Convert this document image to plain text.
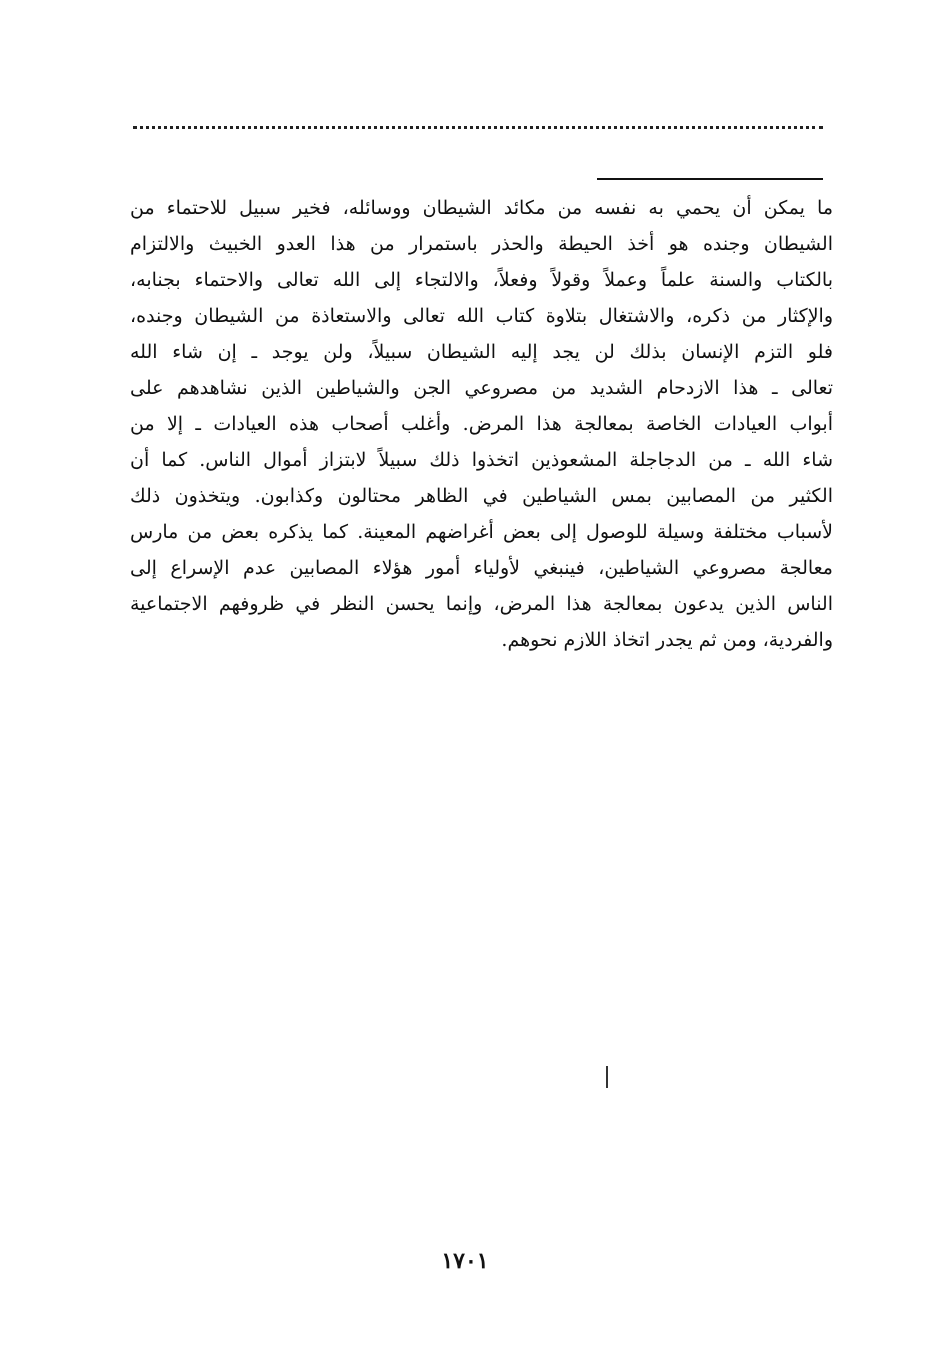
ما يمكن أن يحمي به نفسه من مكائد الشيطان ووسائله، فخير سبيل للاحتماء من
الشيطان وجنده هو أخذ الحيطة والحذر باستمرار من هذا العدو الخبيث والالتزام
بالكتاب والسنة علماً وعملاً وقولاً وفعلاً، والالتجاء إلى الله تعالى والاحتماء بجنابه،
والإكثار من ذكره، والاشتغال بتلاوة كتاب الله تعالى والاستعاذة من الشيطان وجنده،
فلو التزم الإنسان بذلك لن يجد إليه الشيطان سبيلاً، ولن يوجد ـ إن شاء الله
تعالى ـ هذا الازدحام الشديد من مصروعي الجن والشياطين الذين نشاهدهم على
أبواب العيادات الخاصة بمعالجة هذا المرض. وأغلب أصحاب هذه العيادات ـ إلا من
شاء الله ـ من الدجاجلة المشعوذين اتخذوا ذلك سبيلاً لابتزاز أموال الناس. كما أن
الكثير من المصابين بمس الشياطين في الظاهر محتالون وكذابون. ويتخذون ذلك
لأسباب مختلفة وسيلة للوصول إلى بعض أغراضهم المعينة. كما يذكره بعض من مارس
معالجة مصروعي الشياطين، فينبغي لأولياء أمور هؤلاء المصابين عدم الإسراع إلى
الناس الذين يدعون بمعالجة هذا المرض، وإنما يحسن النظر في ظروفهم الاجتماعية
والفردية، ومن ثم يجدر اتخاذ اللازم نحوهم.
١٧٠١
